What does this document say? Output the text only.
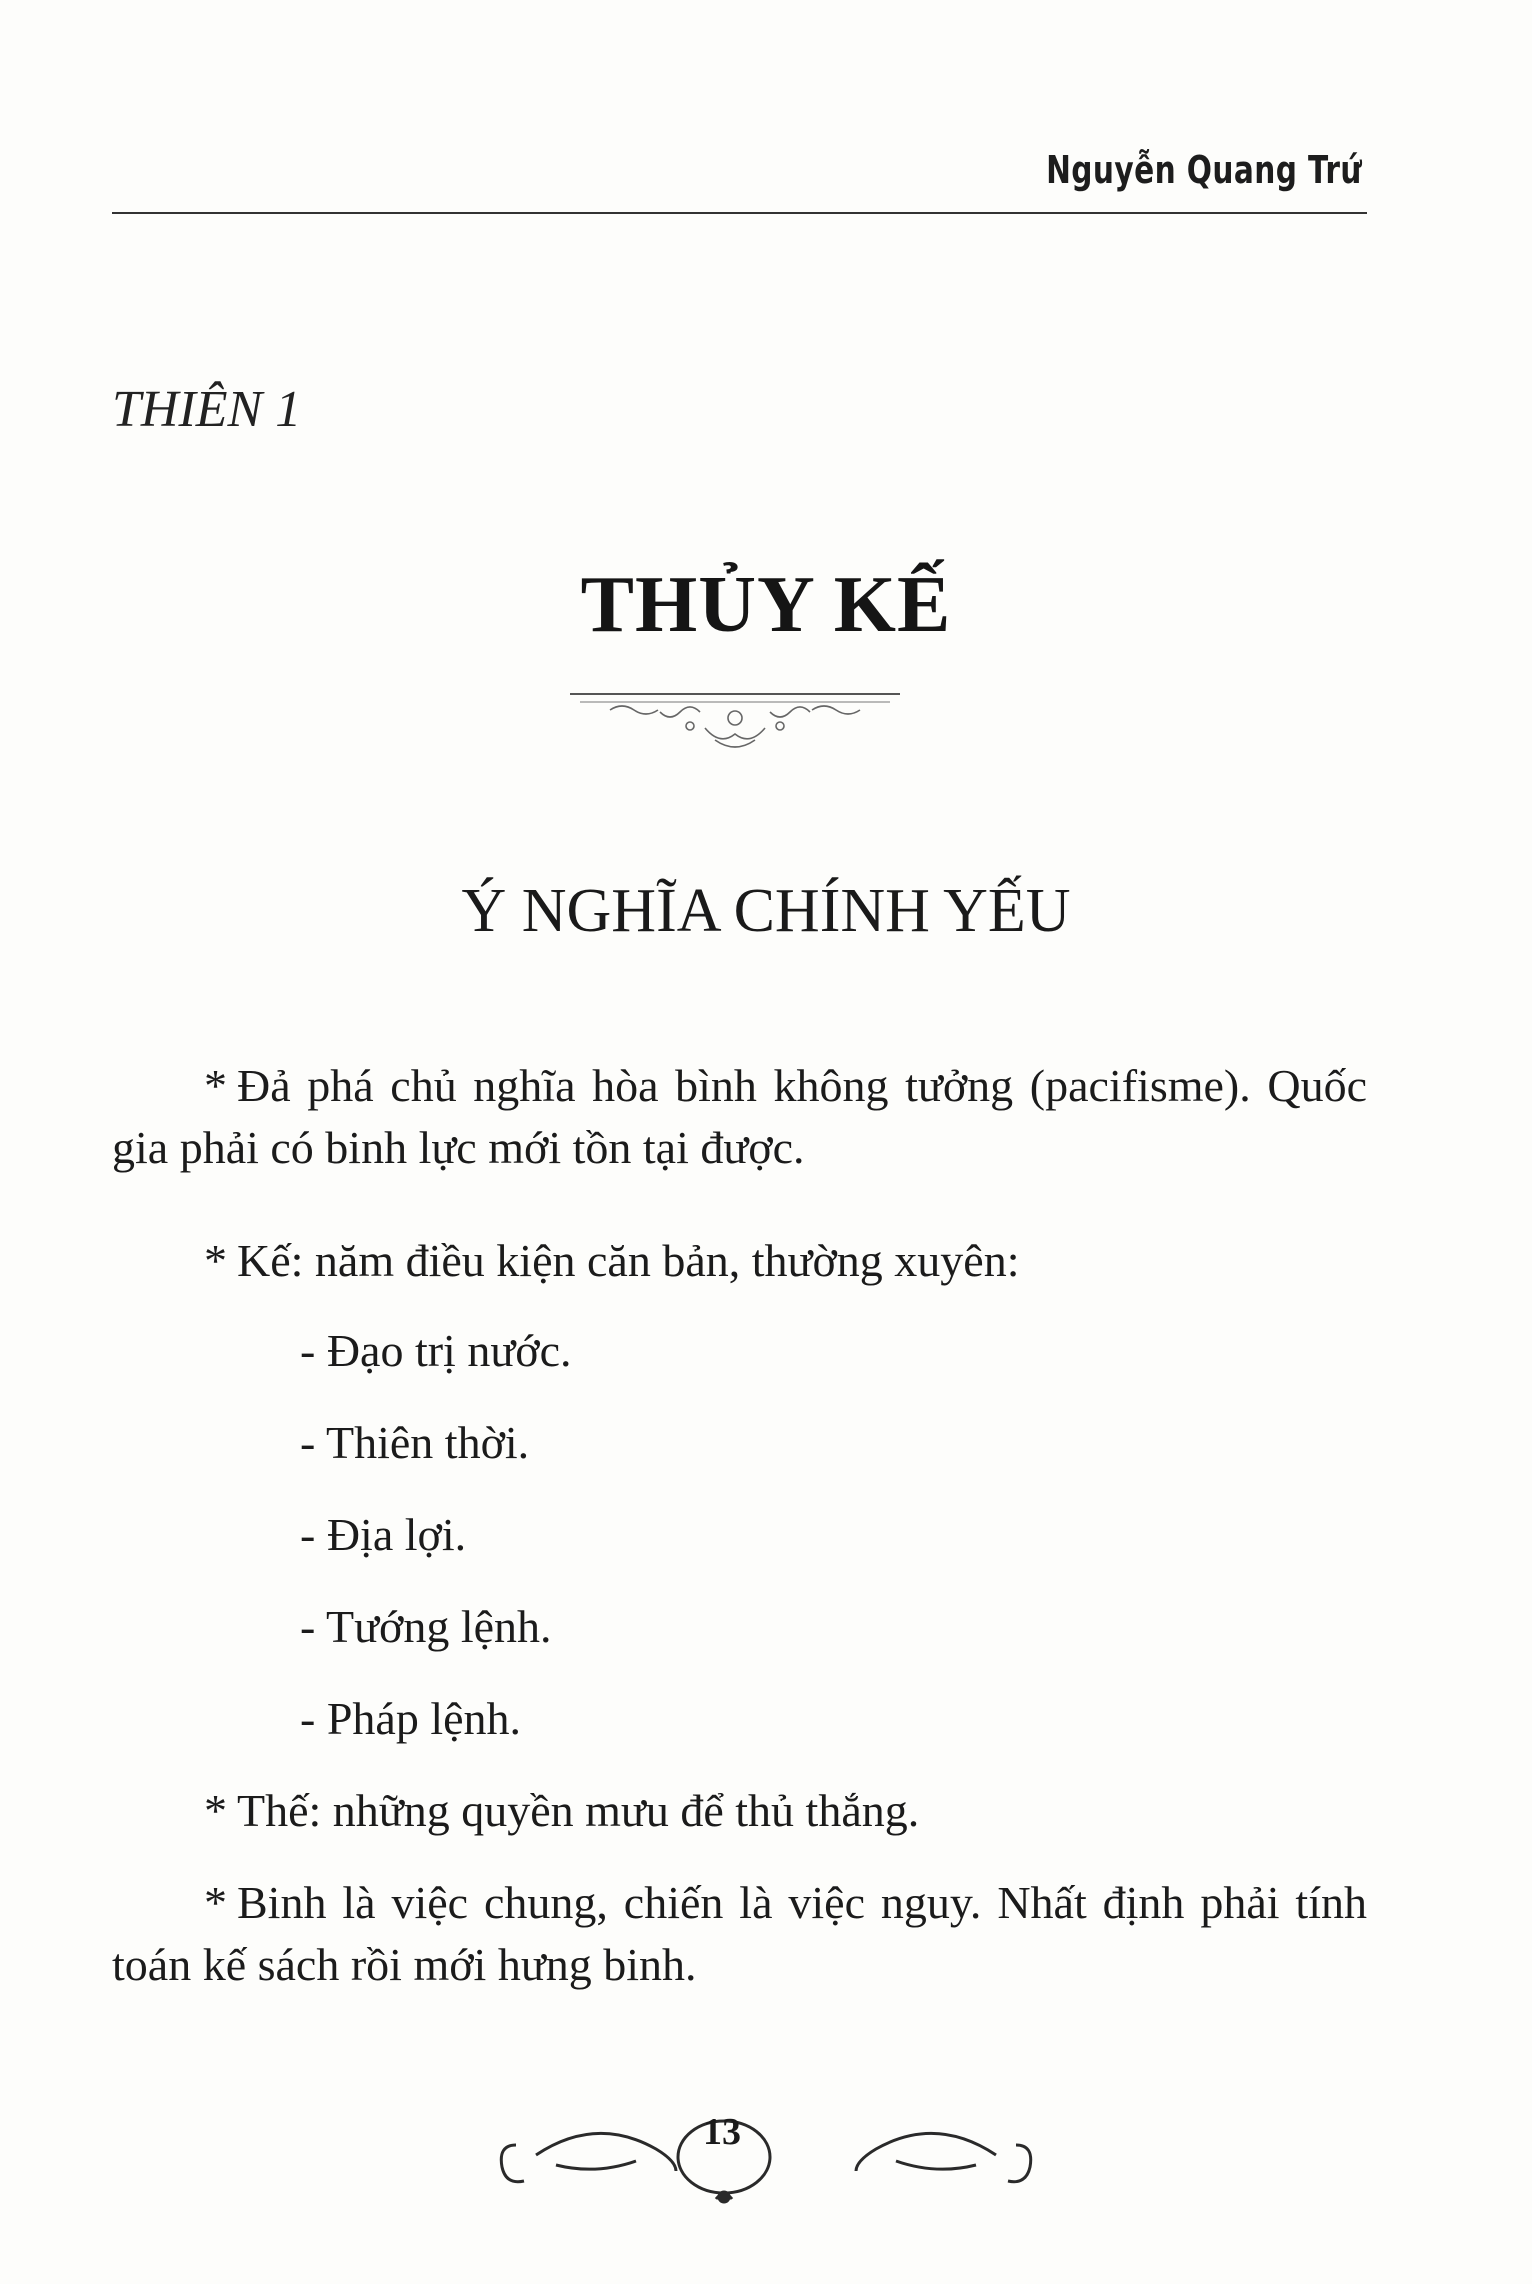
Nguyễn Quang Trứ
THIÊN 1
THỦY KẾ
Ý NGHĨA CHÍNH YẾU
* Đả phá chủ nghĩa hòa bình không tưởng (pacifisme). Quốc gia phải có binh lực mới tồn tại được.
* Kế: năm điều kiện căn bản, thường xuyên:
- Đạo trị nước.
- Thiên thời.
- Địa lợi.
- Tướng lệnh.
- Pháp lệnh.
* Thế: những quyền mưu để thủ thắng.
* Binh là việc chung, chiến là việc nguy. Nhất định phải tính toán kế sách rồi mới hưng binh.
13
